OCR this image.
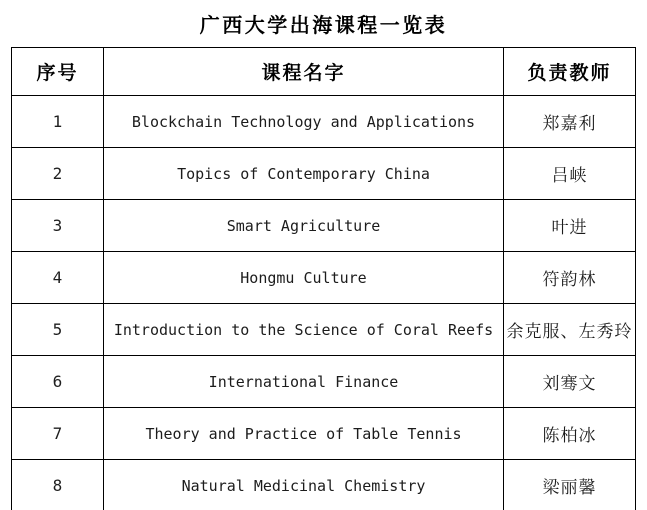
广西大学出海课程一览表
序号	课程名字	负责教师
1	Blockchain Technology and Applications	郑嘉利
2	Topics of Contemporary China	吕峡
3	Smart Agriculture	叶进
4	Hongmu Culture	符韵林
5	Introduction to the Science of Coral Reefs	余克服、左秀玲
6	International Finance	刘骞文
7	Theory and Practice of Table Tennis	陈柏冰
8	Natural Medicinal Chemistry	梁丽馨
